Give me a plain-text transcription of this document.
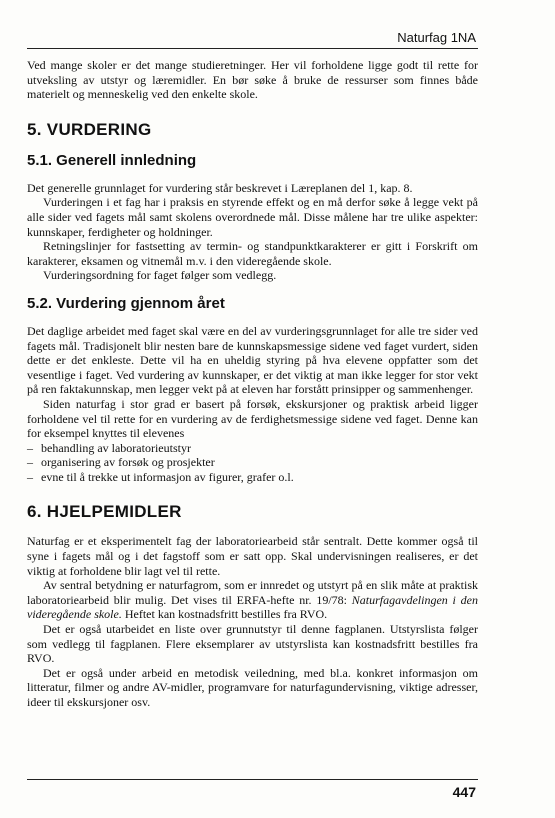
Naturfag 1NA

Ved mange skoler er det mange studieretninger. Her vil forholdene ligge godt til rette for utveksling av utstyr og læremidler. En bør søke å bruke de ressurser som finnes både materielt og menneskelig ved den enkelte skole.

5. VURDERING
5.1. Generell innledning

Det generelle grunnlaget for vurdering står beskrevet i Læreplanen del 1, kap. 8.

Vurderingen i et fag har i praksis en styrende effekt og en må derfor søke å legge vekt på alle sider ved fagets mål samt skolens overordnede mål. Disse målene har tre ulike aspekter: kunnskaper, ferdigheter og holdninger.

Retningslinjer for fastsetting av termin- og standpunktkarakterer er gitt i Forskrift om karakterer, eksamen og vitnemål m.v. i den videregående skole.

Vurderingsordning for faget følger som vedlegg.

5.2. Vurdering gjennom året

Det daglige arbeidet med faget skal være en del av vurderingsgrunnlaget for alle tre sider ved fagets mål. Tradisjonelt blir nesten bare de kunnskapsmessige sidene ved faget vurdert, siden dette er det enkleste. Dette vil ha en uheldig styring på hva elevene oppfatter som det vesentlige i faget. Ved vurdering av kunnskaper, er det viktig at man ikke legger for stor vekt på ren faktakunnskap, men legger vekt på at eleven har forstått prinsipper og sammenhenger.

Siden naturfag i stor grad er basert på forsøk, ekskursjoner og praktisk arbeid ligger forholdene vel til rette for en vurdering av de ferdighetsmessige sidene ved faget. Denne kan for eksempel knyttes til elevenes

– behandling av laboratorieutstyr
– organisering av forsøk og prosjekter
– evne til å trekke ut informasjon av figurer, grafer o.l.
6. HJELPEMIDLER

Naturfag er et eksperimentelt fag der laboratoriearbeid står sentralt. Dette kommer også til syne i fagets mål og i det fagstoff som er satt opp. Skal undervisningen realiseres, er det viktig at forholdene blir lagt vel til rette.

Av sentral betydning er naturfagrom, som er innredet og utstyrt på en slik måte at praktisk laboratoriearbeid blir mulig. Det vises til ERFA-hefte nr. 19/78: Naturfagavdelingen i den videregående skole. Heftet kan kostnadsfritt bestilles fra RVO.

Det er også utarbeidet en liste over grunnutstyr til denne fagplanen. Utstyrslista følger som vedlegg til fagplanen. Flere eksemplarer av utstyrslista kan kostnadsfritt bestilles fra RVO.

Det er også under arbeid en metodisk veiledning, med bl.a. konkret informasjon om litteratur, filmer og andre AV-midler, programvare for naturfagundervisning, viktige adresser, ideer til ekskursjoner osv.

447
